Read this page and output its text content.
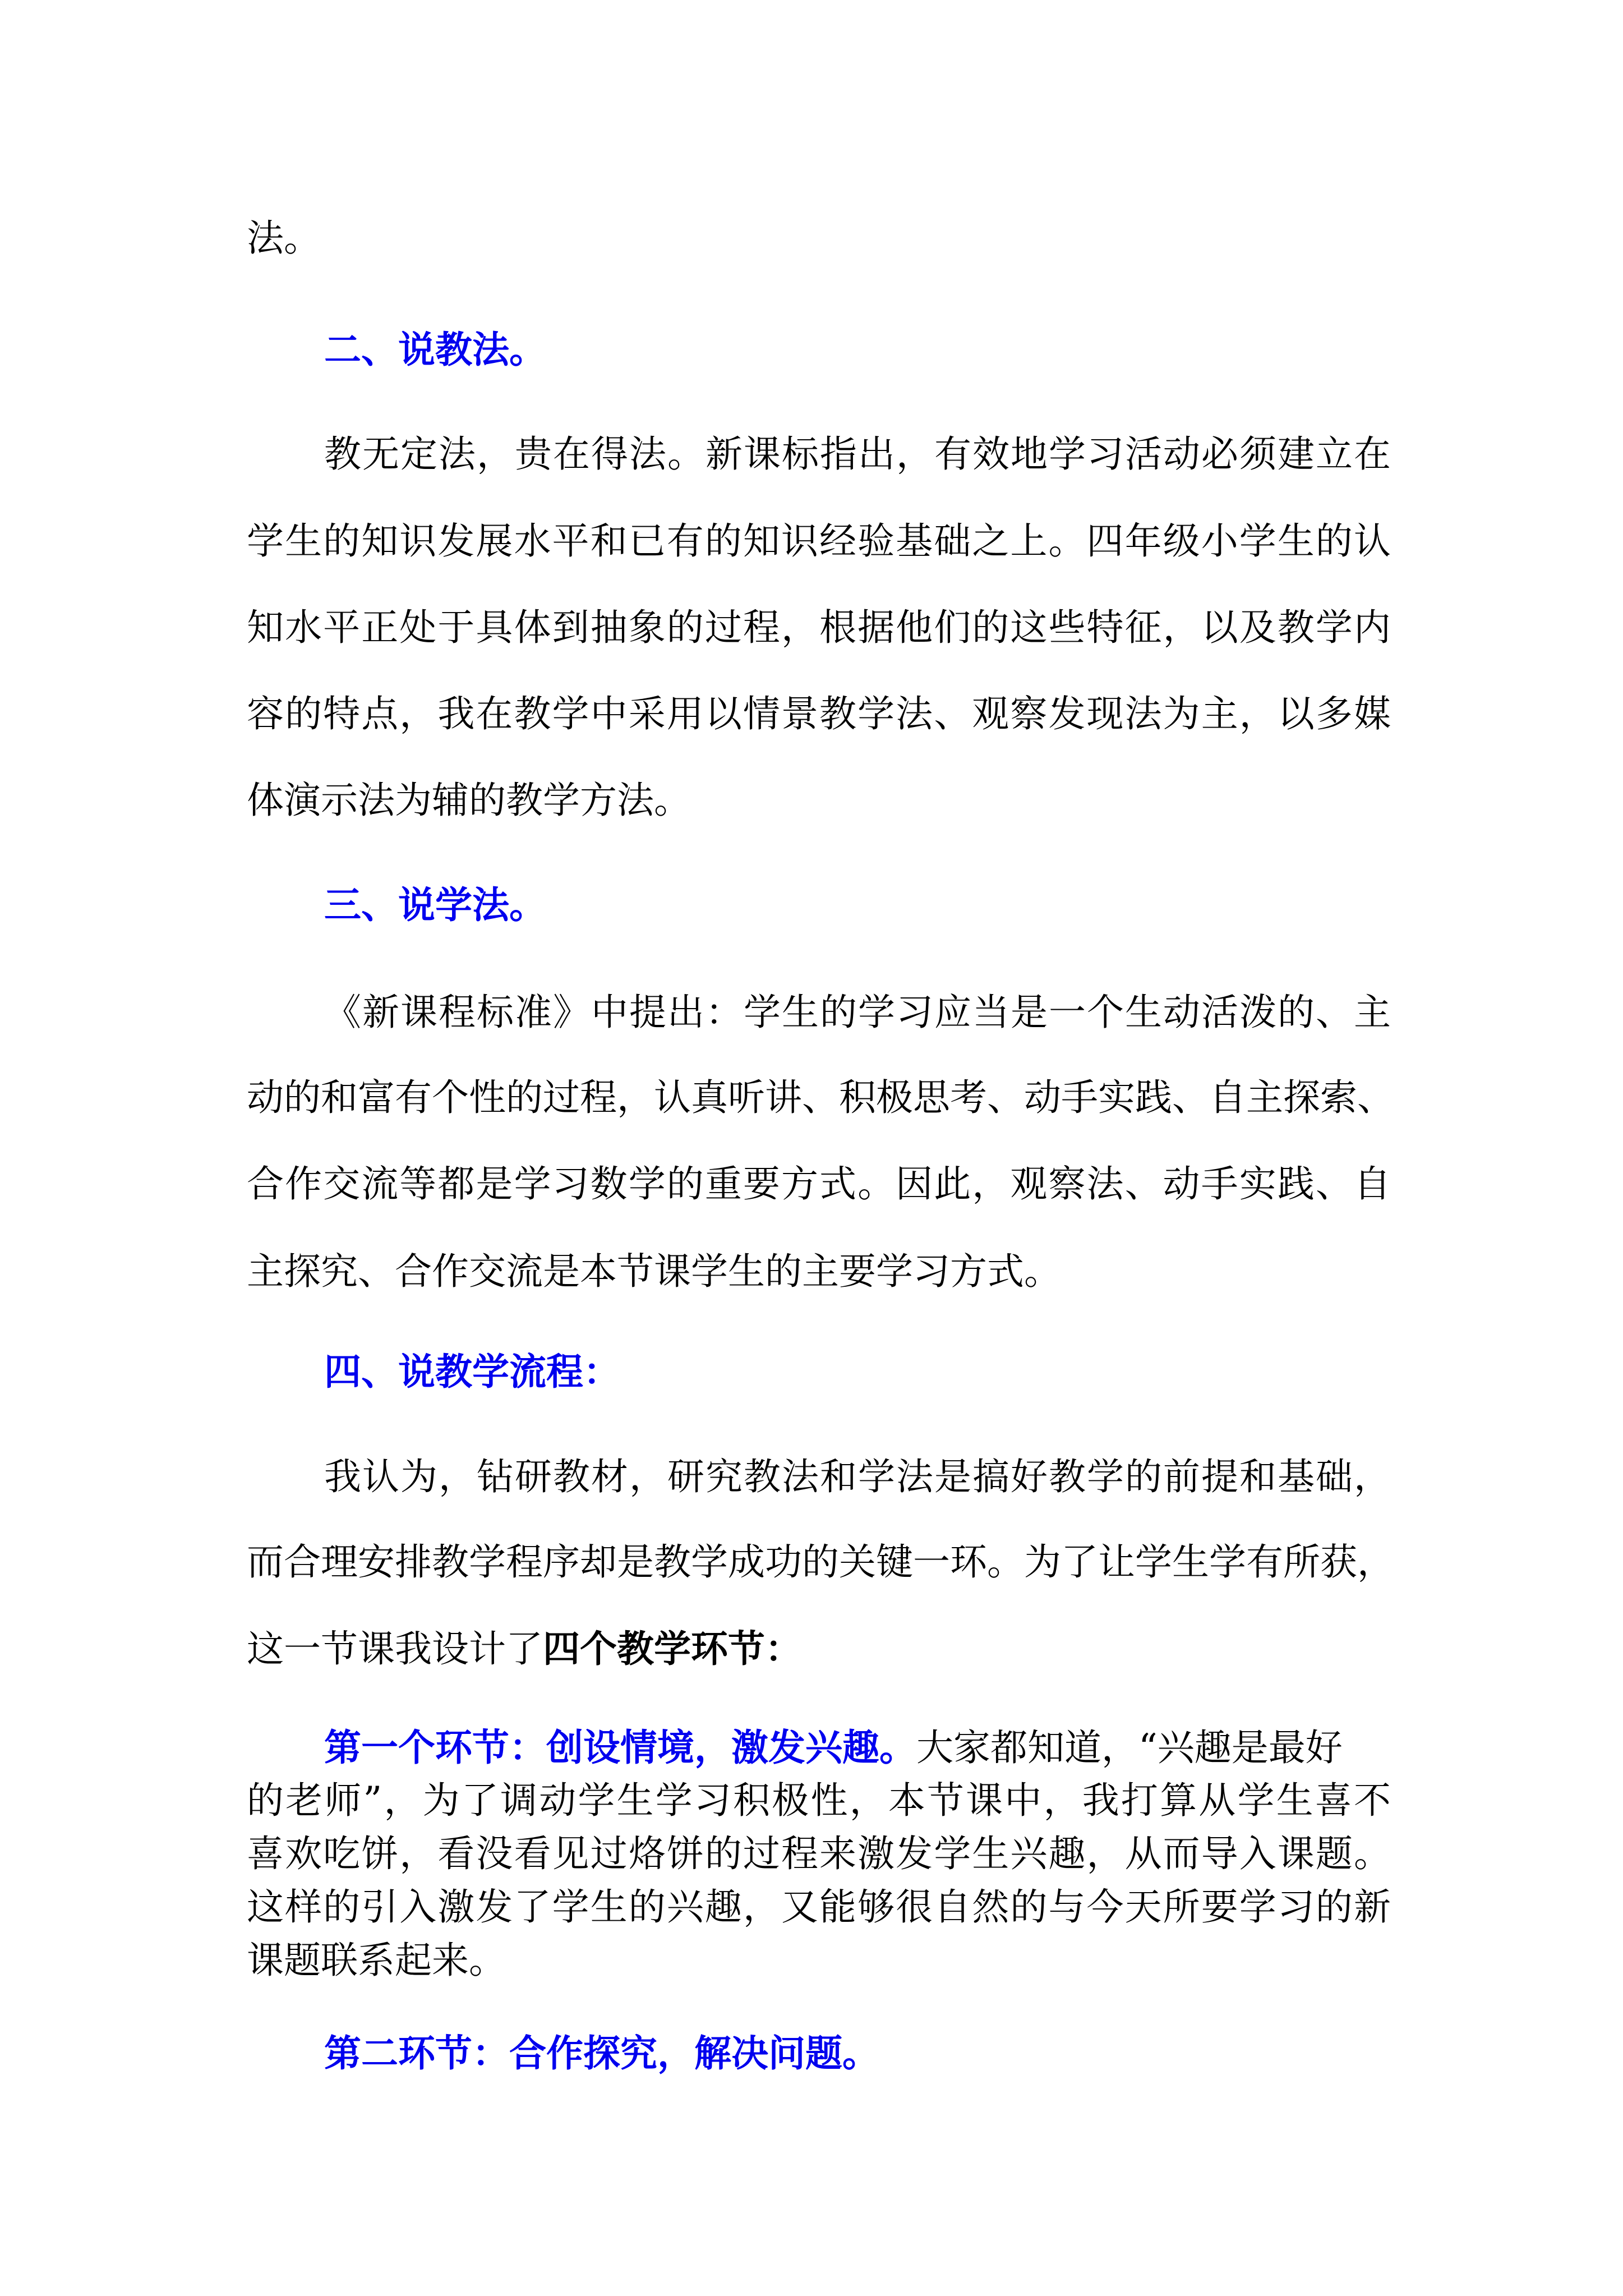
法。

二、说教法。

教无定法，贵在得法。新课标指出，有效地学习活动必须建立在

学生的知识发展水平和已有的知识经验基础之上。四年级小学生的认

知水平正处于具体到抽象的过程，根据他们的这些特征，以及教学内

容的特点，我在教学中采用以情景教学法、观察发现法为主，以多媒

体演示法为辅的教学方法。

三、说学法。

《新课程标准》中提出：学生的学习应当是一个生动活泼的、主

动的和富有个性的过程，认真听讲、积极思考、动手实践、自主探索、

合作交流等都是学习数学的重要方式。因此，观察法、动手实践、自

主探究、合作交流是本节课学生的主要学习方式。

四、说教学流程：

我认为，钻研教材，研究教法和学法是搞好教学的前提和基础，

而合理安排教学程序却是教学成功的关键一环。为了让学生学有所获，

这一节课我设计了四个教学环节：

第一个环节：创设情境，激发兴趣。大家都知道，“兴趣是最好

的老师”，为了调动学生学习积极性，本节课中，我打算从学生喜不

喜欢吃饼，看没看见过烙饼的过程来激发学生兴趣，从而导入课题。

这样的引入激发了学生的兴趣，又能够很自然的与今天所要学习的新

课题联系起来。

第二环节：合作探究，解决问题。
